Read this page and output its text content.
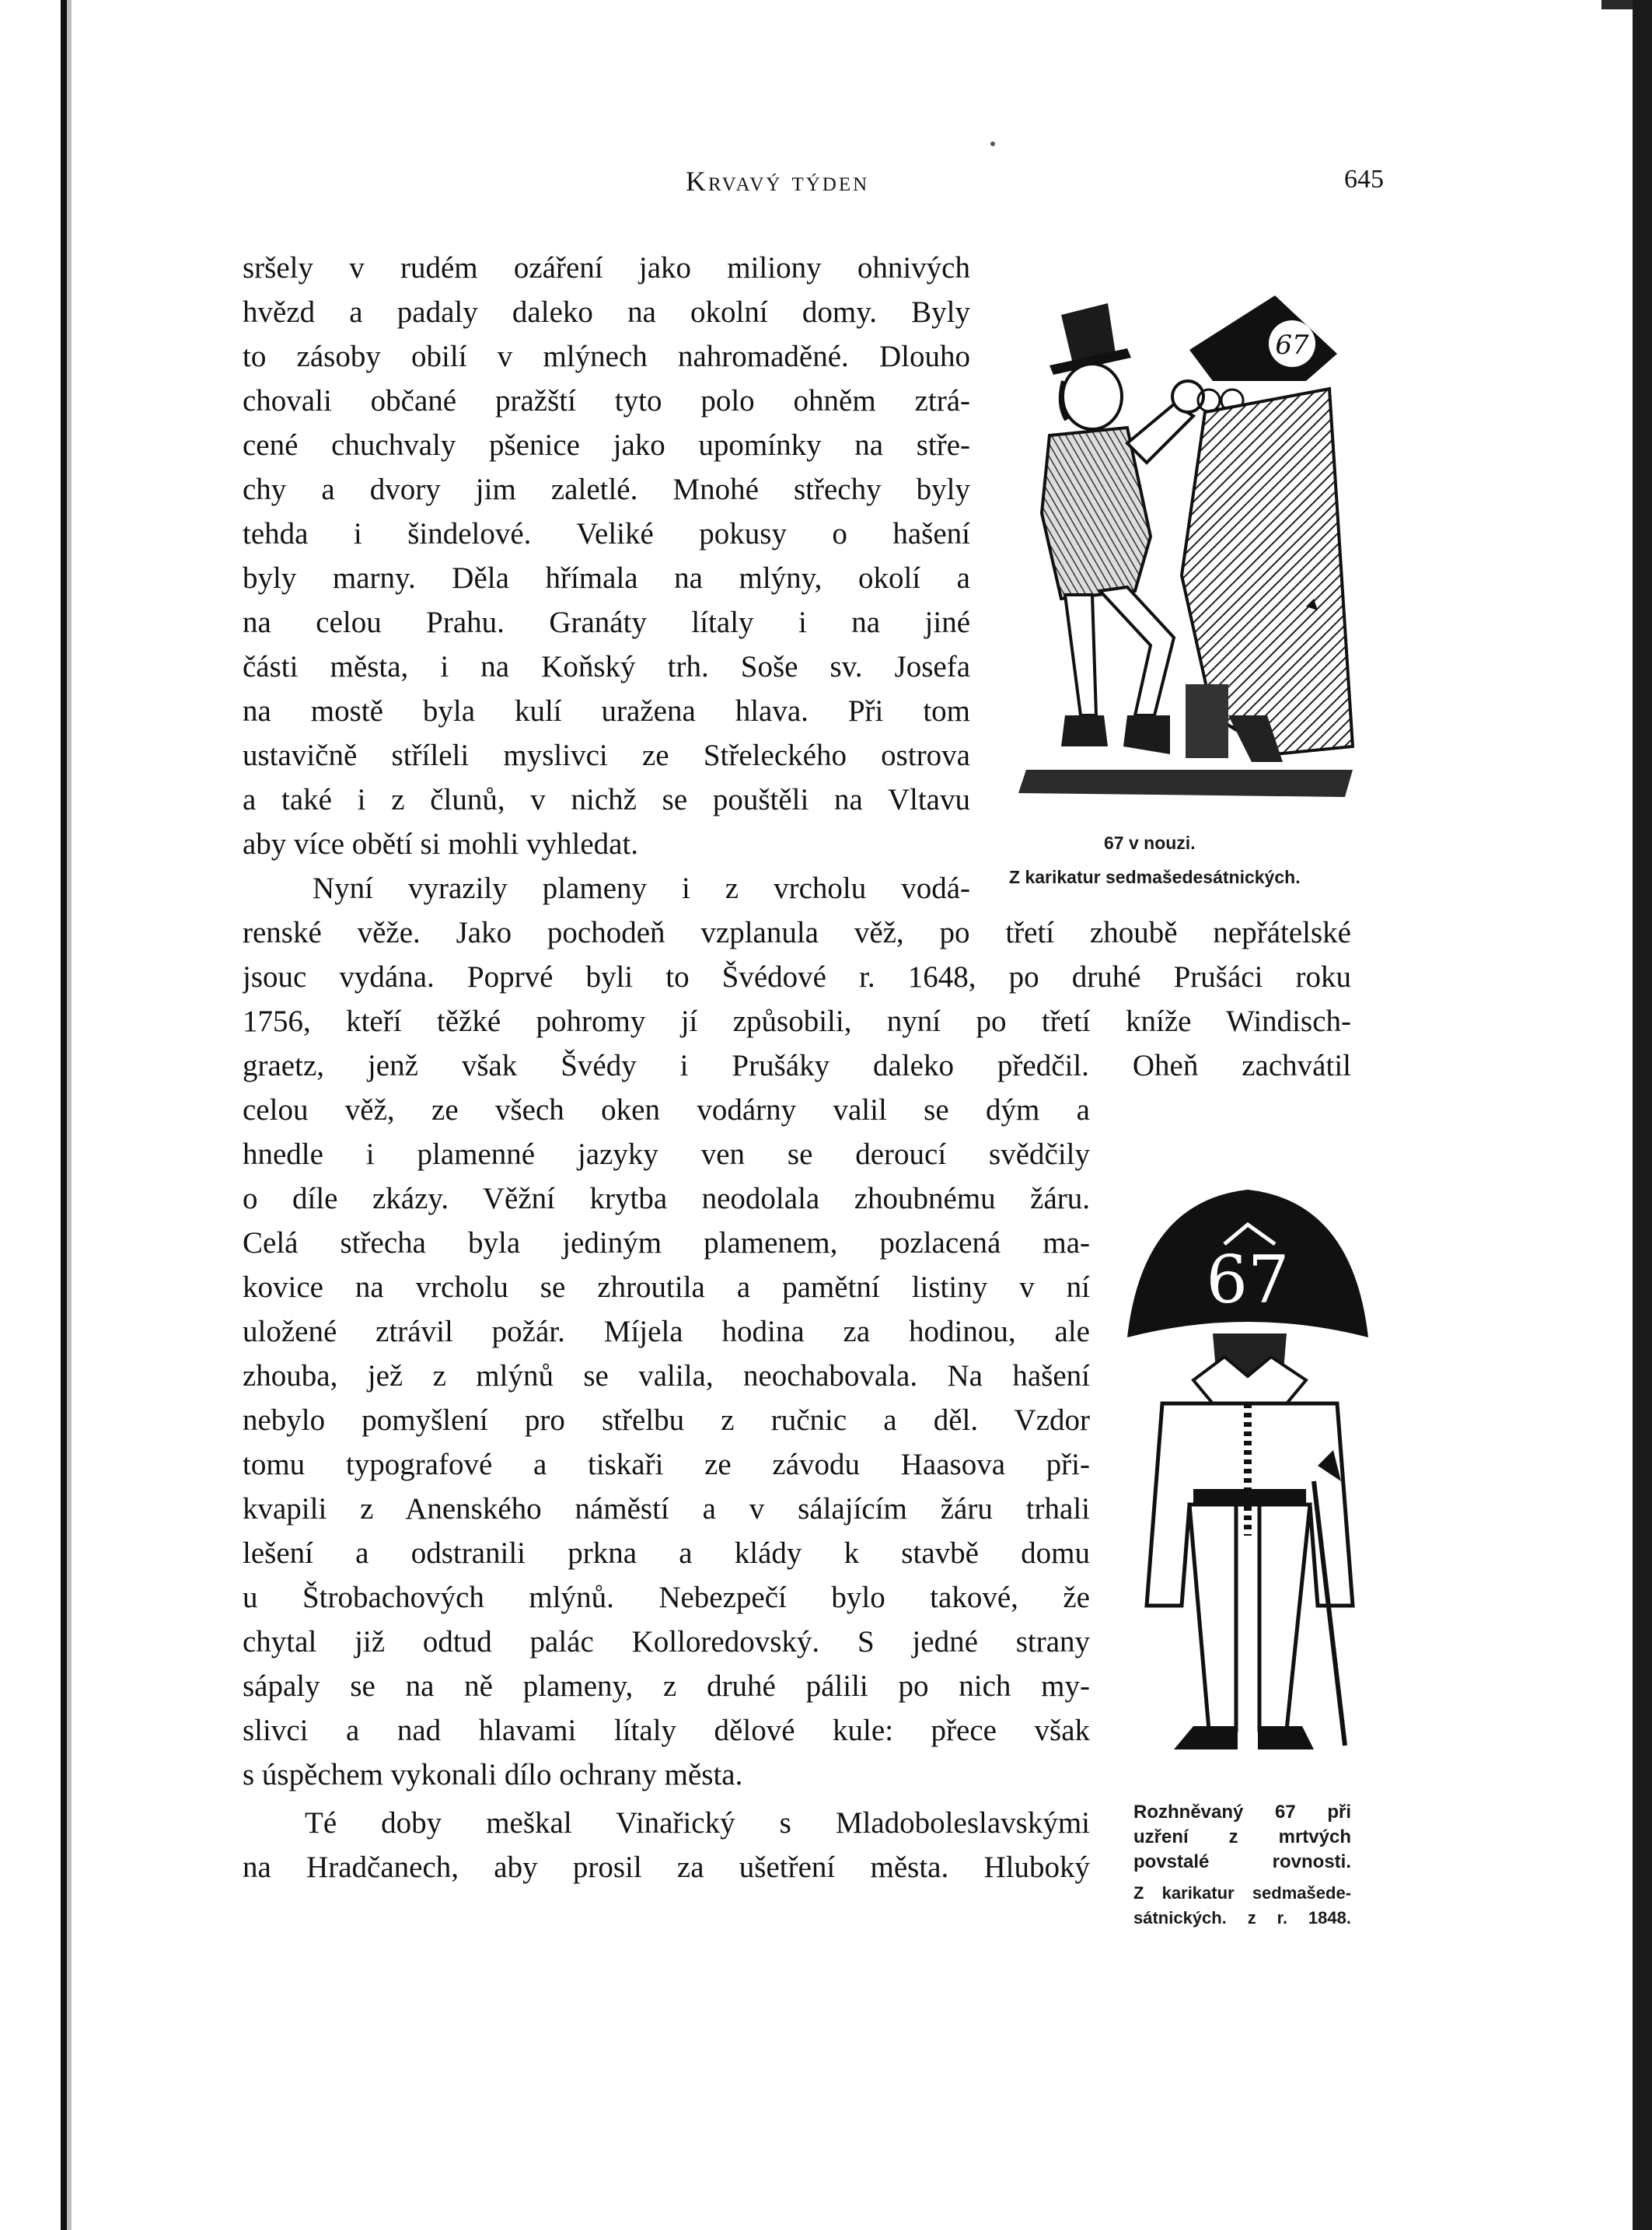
Krvavý týden	645
sršely v rudém ozáření jako miliony ohnivých
hvězd a padaly daleko na okolní domy. Byly
to zásoby obilí v mlýnech nahromaděné. Dlouho
chovali občané pražští tyto polo ohněm ztrá-
cené chuchvaly pšenice jako upomínky na stře-
chy a dvory jim zaletlé. Mnohé střechy byly
tehda i šindelové. Veliké pokusy o hašení
byly marny. Děla hřímala na mlýny, okolí a
na celou Prahu. Granáty lítaly i na jiné
části města, i na Koňský trh. Soše sv. Josefa
na mostě byla kulí uražena hlava. Při tom
ustavičně stříleli myslivci ze Střeleckého ostrova
a také i z člunů, v nichž se pouštěli na Vltavu
aby více obětí si mohli vyhledat.
Nyní vyrazily plameny i z vrcholu vodá-
renské věže. Jako pochodeň vzplanula věž, po třetí zhoubě nepřátelské
jsouc vydána. Poprvé byli to Švédové r. 1648, po druhé Prušáci roku
1756, kteří těžké pohromy jí způsobili, nyní po třetí kníže Windisch-
graetz, jenž však Švédy i Prušáky daleko předčil. Oheň zachvátil
celou věž, ze všech oken vodárny valil se dým a
hnedle i plamenné jazyky ven se deroucí svědčily
o díle zkázy. Věžní krytba neodolala zhoubnému žáru.
Celá střecha byla jediným plamenem, pozlacená ma-
kovice na vrcholu se zhroutila a pamětní listiny v ní
uložené ztrávil požár. Míjela hodina za hodinou, ale
zhouba, jež z mlýnů se valila, neochabovala. Na hašení
nebylo pomyšlení pro střelbu z ručnic a děl. Vzdor
tomu typografové a tiskaři ze závodu Haasova při-
kvapili z Anenského náměstí a v sálajícím žáru trhali
lešení a odstranili prkna a klády k stavbě domu
u Štrobachových mlýnů. Nebezpečí bylo takové, že
chytal již odtud palác Kolloredovský. S jedné strany
sápaly se na ně plameny, z druhé pálili po nich my-
slivci a nad hlavami lítaly dělové kule: přece však
s úspěchem vykonali dílo ochrany města.
Té doby meškal Vinařický s Mladoboleslavskými
na Hradčanech, aby prosil za ušetření města. Hluboký
67
67 v nouzi.
Z karikatur sedmašedesátnických.
67
Rozhněvaný 67 při
uzření z mrtvých
povstalé rovnosti.
Z karikatur sedmašede-
sátnických. z r. 1848.
